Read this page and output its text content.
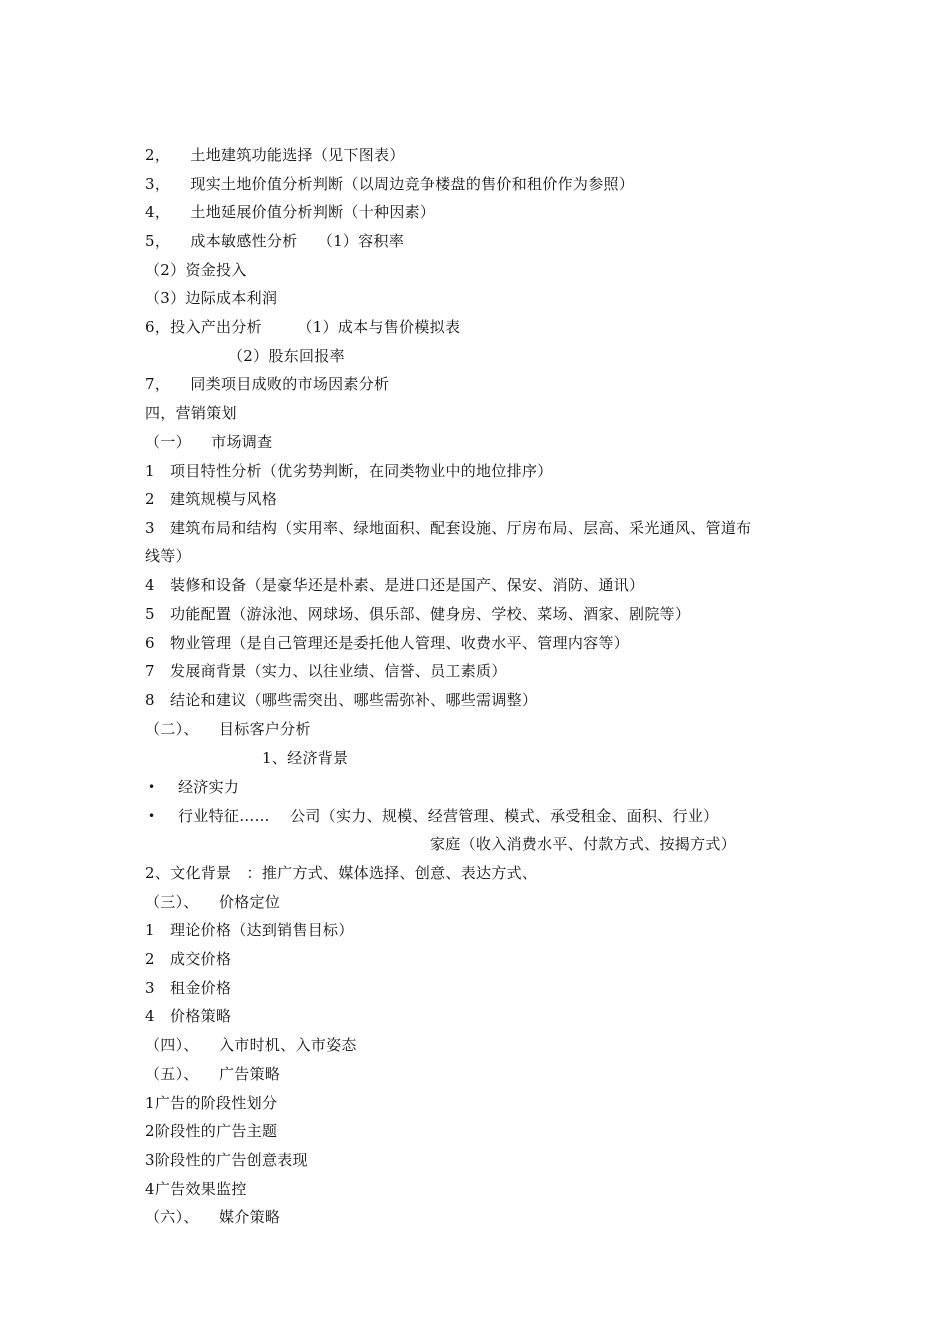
2，    土地建筑功能选择（见下图表）
3，    现实土地价值分析判断（以周边竞争楼盘的售价和租价作为参照）
4，    土地延展价值分析判断（十种因素）
5，    成本敏感性分析    （1）容积率
（2）资金投入
（3）边际成本利润
6，投入产出分析       （1）成本与售价模拟表
（2）股东回报率
7，    同类项目成败的市场因素分析
四，营销策划
（一）    市场调查
1   项目特性分析（优劣势判断，在同类物业中的地位排序）
2   建筑规模与风格
3   建筑布局和结构（实用率、绿地面积、配套设施、厅房布局、层高、采光通风、管道布
线等）
4   装修和设备（是豪华还是朴素、是进口还是国产、保安、消防、通讯）
5   功能配置（游泳池、网球场、俱乐部、健身房、学校、菜场、酒家、剧院等）
6   物业管理（是自己管理还是委托他人管理、收费水平、管理内容等）
7   发展商背景（实力、以往业绩、信誉、员工素质）
8   结论和建议（哪些需突出、哪些需弥补、哪些需调整）
（二）、    目标客户分析
1、经济背景
• 经济实力
• 行业特征……    公司（实力、规模、经营管理、模式、承受租金、面积、行业）
家庭（收入消费水平、付款方式、按揭方式）
2、文化背景   ：推广方式、媒体选择、创意、表达方式、
（三）、    价格定位
1   理论价格（达到销售目标）
2   成交价格
3   租金价格
4   价格策略
（四）、    入市时机、入市姿态
（五）、    广告策略
1广告的阶段性划分
2阶段性的广告主题
3阶段性的广告创意表现
4广告效果监控
（六）、    媒介策略
